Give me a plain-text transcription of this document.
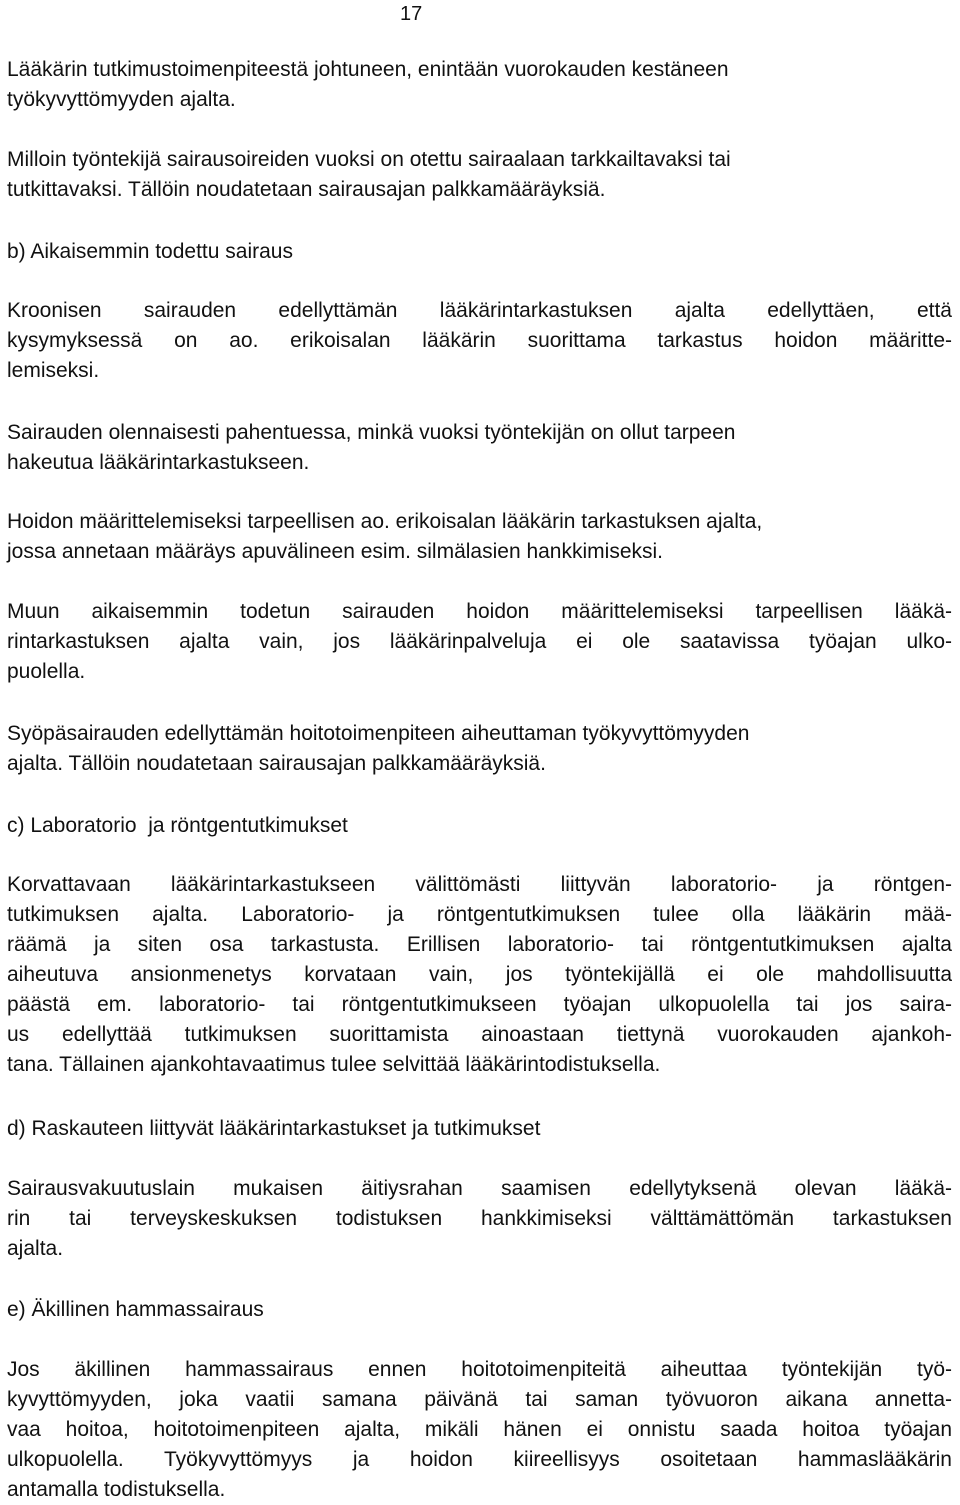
17
Lääkärin tutkimustoimenpiteestä johtuneen, enintään vuorokauden kestäneen
työkyvyttömyyden ajalta.
Milloin työntekijä sairausoireiden vuoksi on otettu sairaalaan tarkkailtavaksi tai
tutkittavaksi. Tällöin noudatetaan sairausajan palkkamääräyksiä.
b) Aikaisemmin todettu sairaus
Kroonisen sairauden edellyttämän lääkärintarkastuksen ajalta edellyttäen, että
kysymyksessä on ao. erikoisalan lääkärin suorittama tarkastus hoidon määritte-
lemiseksi.
Sairauden olennaisesti pahentuessa, minkä vuoksi työntekijän on ollut tarpeen
hakeutua lääkärintarkastukseen.
Hoidon määrittelemiseksi tarpeellisen ao. erikoisalan lääkärin tarkastuksen ajalta,
jossa annetaan määräys apuvälineen esim. silmälasien hankkimiseksi.
Muun aikaisemmin todetun sairauden hoidon määrittelemiseksi tarpeellisen lääkä-
rintarkastuksen ajalta vain, jos lääkärinpalveluja ei ole saatavissa työajan ulko-
puolella.
Syöpäsairauden edellyttämän hoitotoimenpiteen aiheuttaman työkyvyttömyyden
ajalta. Tällöin noudatetaan sairausajan palkkamääräyksiä.
c) Laboratorio  ja röntgentutkimukset
Korvattavaan lääkärintarkastukseen välittömästi liittyvän laboratorio- ja röntgen-
tutkimuksen ajalta. Laboratorio- ja röntgentutkimuksen tulee olla lääkärin mää-
räämä ja siten osa tarkastusta. Erillisen laboratorio- tai röntgentutkimuksen ajalta
aiheutuva ansionmenetys korvataan vain, jos työntekijällä ei ole mahdollisuutta
päästä em. laboratorio- tai röntgentutkimukseen työajan ulkopuolella tai jos saira-
us edellyttää tutkimuksen suorittamista ainoastaan tiettynä vuorokauden ajankoh-
tana. Tällainen ajankohtavaatimus tulee selvittää lääkärintodistuksella.
d) Raskauteen liittyvät lääkärintarkastukset ja tutkimukset
Sairausvakuutuslain mukaisen äitiysrahan saamisen edellytyksenä olevan lääkä-
rin tai terveyskeskuksen todistuksen hankkimiseksi välttämättömän tarkastuksen
ajalta.
e) Äkillinen hammassairaus
Jos äkillinen hammassairaus ennen hoitotoimenpiteitä aiheuttaa työntekijän työ-
kyvyttömyyden, joka vaatii samana päivänä tai saman työvuoron aikana annetta-
vaa hoitoa, hoitotoimenpiteen ajalta, mikäli hänen ei onnistu saada hoitoa työajan
ulkopuolella. Työkyvyttömyys ja hoidon kiireellisyys osoitetaan hammaslääkärin
antamalla todistuksella.
